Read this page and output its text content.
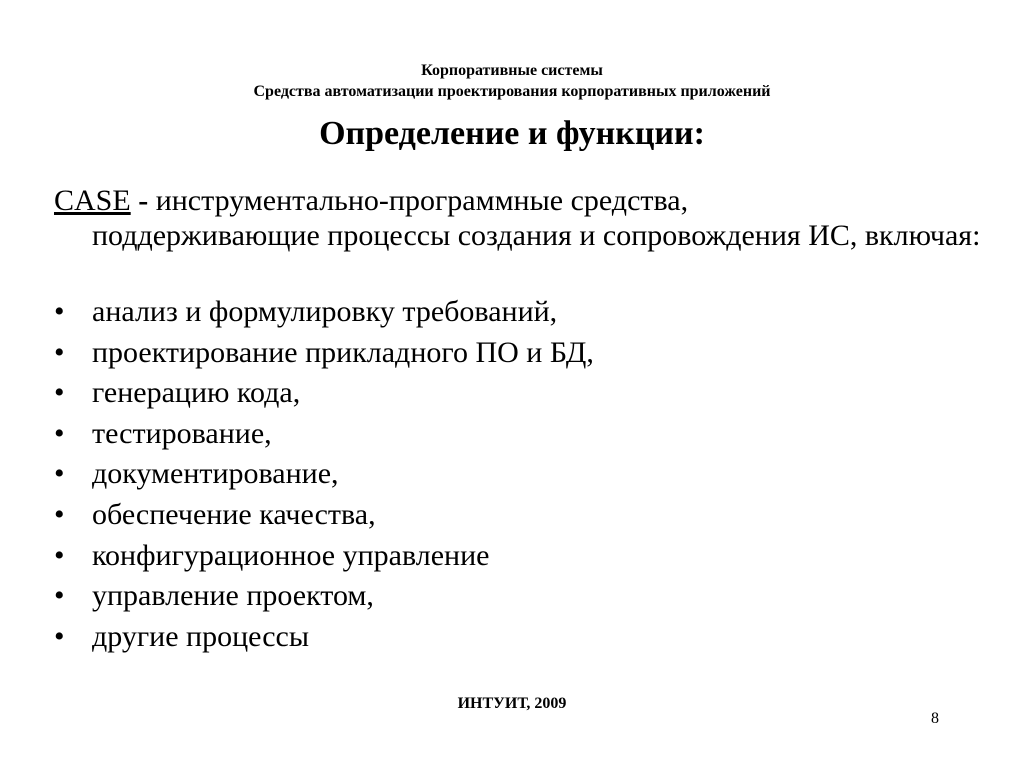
Корпоративные системы
Средства автоматизации проектирования корпоративных приложений
Определение и функции:
CASE - инструментально-программные средства,
поддерживающие процессы создания и сопровождения ИС, включая:
• анализ и формулировку требований,
• проектирование прикладного ПО и БД,
• генерацию кода,
• тестирование,
• документирование,
• обеспечение качества,
• конфигурационное управление
• управление проектом,
• другие процессы
ИНТУИТ, 2009
8
